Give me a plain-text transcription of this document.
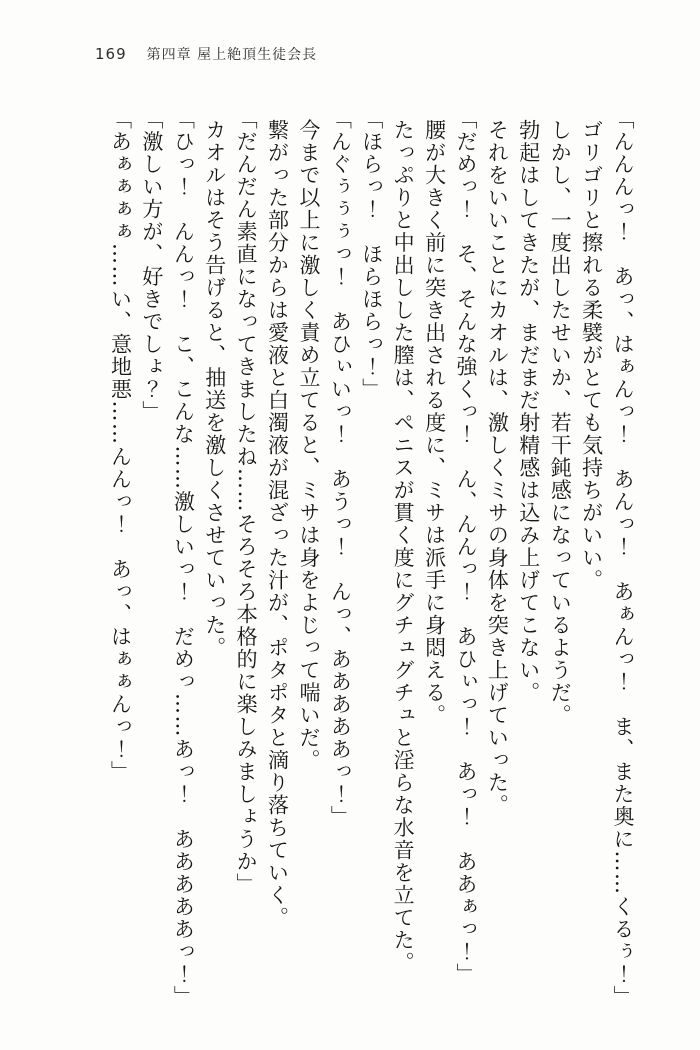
169 第四章 屋上絶頂生徒会長

「んんんっ！　あっ、はぁんっ！　あんっ！　あぁんっ！　ま、また奥に……くるぅ！」

ゴリゴリと擦れる柔襞がとても気持ちがいい。

しかし、一度出したせいか、若干鈍感になっているようだ。

勃起はしてきたが、まだまだ射精感は込み上げてこない。

それをいいことにカオルは、激しくミサの身体を突き上げていった。

「だめっ！　そ、そんな強くっ！　ん、んんっ！　あひぃっ！　あっ！　ああぁっ！」

腰が大きく前に突き出される度に、ミサは派手に身悶える。

たっぷりと中出しした膣は、ペニスが貫く度にグチュグチュと淫らな水音を立てた。

「ほらっ！　ほらほらっ！」

「んぐぅぅぅっ！　あひぃいっ！　あうっ！　んっ、あああああっ！」

今まで以上に激しく責め立てると、ミサは身をよじって喘いだ。

繋がった部分からは愛液と白濁液が混ざった汁が、ポタポタと滴り落ちていく。

「だんだん素直になってきましたね……そろそろ本格的に楽しみましょうか」

カオルはそう告げると、抽送を激しくさせていった。

「ひっ！　んんっ！　こ、こんな……激しいっ！　だめっ……あっ！　あああああっ！」

「激しい方が、好きでしょ？」

「あぁぁぁぁ……い、意地悪……んんっ！　あっ、はぁぁんっ！」
